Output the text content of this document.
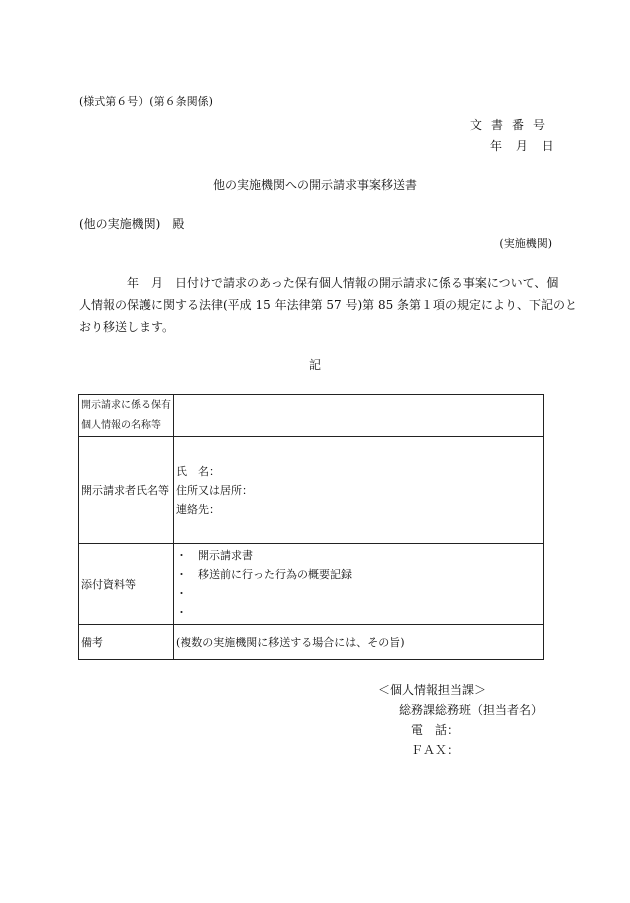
(様式第６号）(第６条関係)
文書番号
年 月 日
他の実施機関への開示請求事案移送書
(他の実施機関)　殿
(実施機関)
　　　　年　月　日付けで請求のあった保有個人情報の開示請求に係る事案について、個
人情報の保護に関する法律(平成 15 年法律第 57 号)第 85 条第１項の規定により、下記のと
おり移送します。
記
開示請求に係る保有
個人情報の名称等	

開示請求者氏名等	氏　名：
住所又は居所：
連絡先：

添付資料等	・ 開示請求書
・ 移送前に行った行為の概要記録
・
・

備考	(複数の実施機関に移送する場合には、その旨)
＜個人情報担当課＞
総務課総務班（担当者名）
電　話：
ＦＡＸ：
